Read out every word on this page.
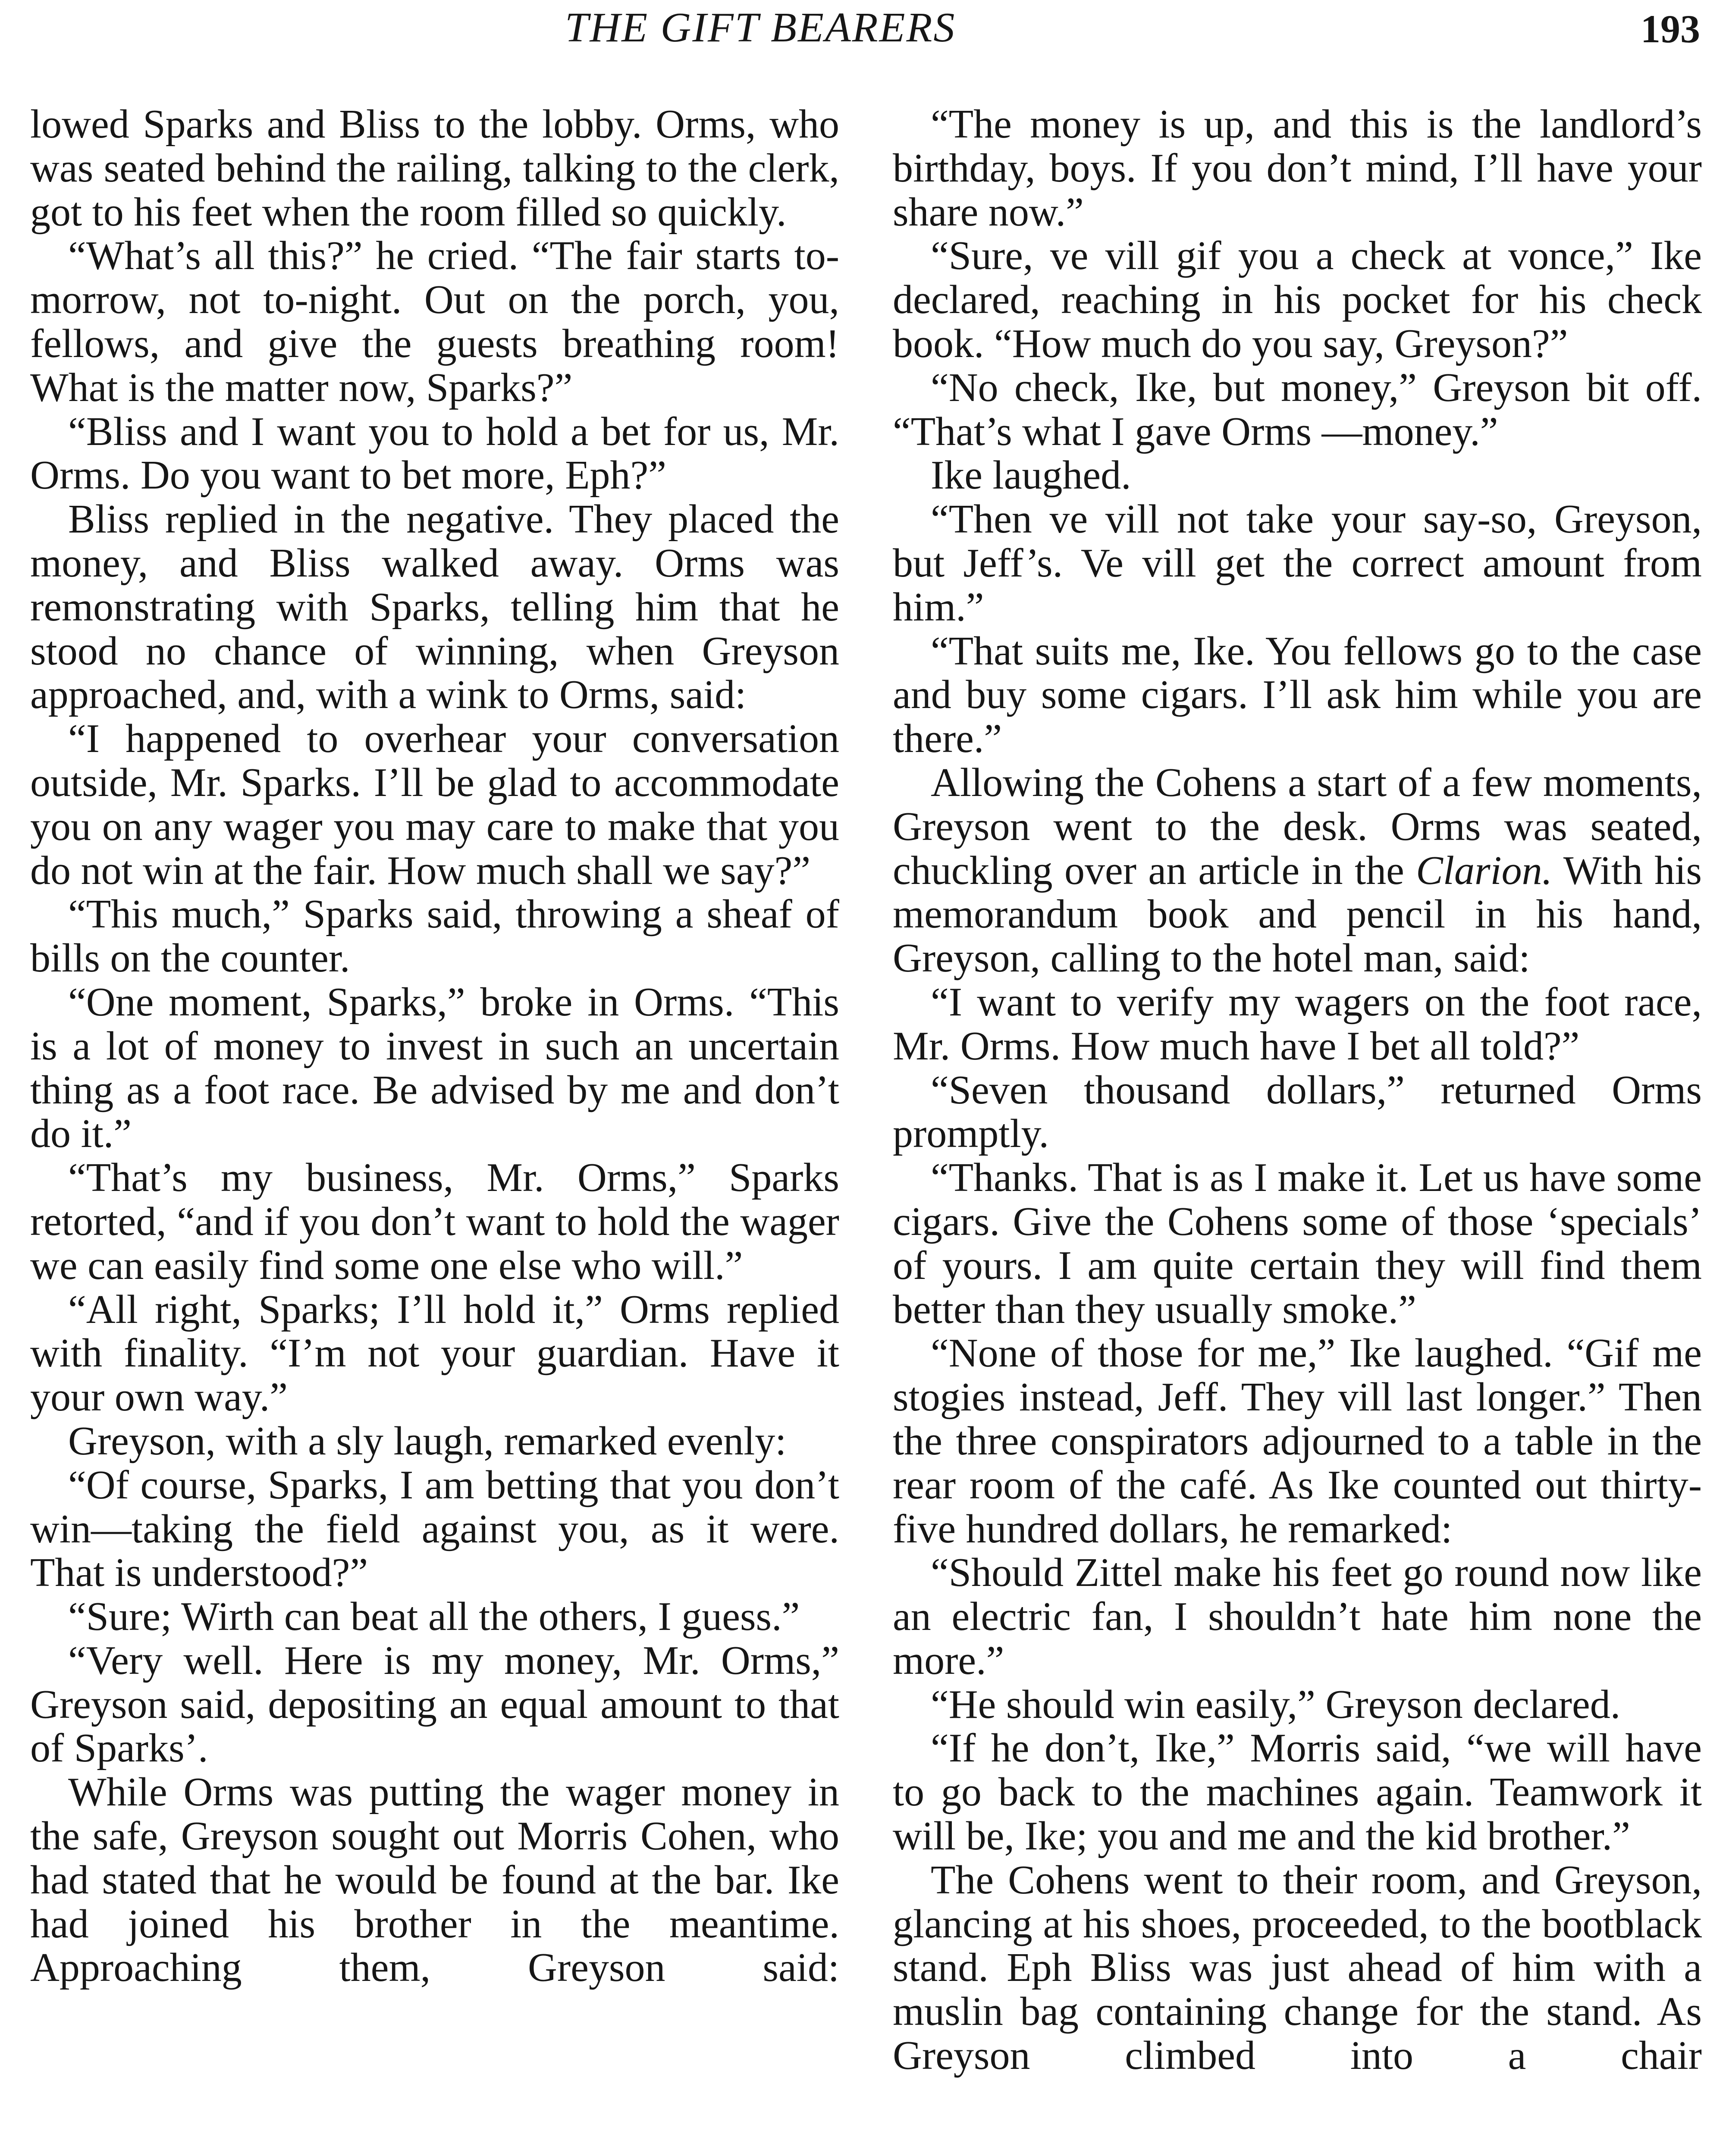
THE GIFT BEARERS	193

lowed Sparks and Bliss to the lobby. Orms, who was seated behind the railing, talking to the clerk, got to his feet when the room filled so quickly.

“What’s all this?” he cried. “The fair starts to-morrow, not to-night. Out on the porch, you, fellows, and give the guests breathing room! What is the matter now, Sparks?”

“Bliss and I want you to hold a bet for us, Mr. Orms. Do you want to bet more, Eph?”

Bliss replied in the negative. They placed the money, and Bliss walked away. Orms was remonstrating with Sparks, telling him that he stood no chance of winning, when Greyson approached, and, with a wink to Orms, said:

“I happened to overhear your conversation outside, Mr. Sparks. I’ll be glad to accommodate you on any wager you may care to make that you do not win at the fair. How much shall we say?”

“This much,” Sparks said, throwing a sheaf of bills on the counter.

“One moment, Sparks,” broke in Orms. “This is a lot of money to invest in such an uncertain thing as a foot race. Be advised by me and don’t do it.”

“That’s my business, Mr. Orms,” Sparks retorted, “and if you don’t want to hold the wager we can easily find some one else who will.”

“All right, Sparks; I’ll hold it,” Orms replied with finality. “I’m not your guardian. Have it your own way.”

Greyson, with a sly laugh, remarked evenly:

“Of course, Sparks, I am betting that you don’t win—taking the field against you, as it were. That is understood?”

“Sure; Wirth can beat all the others, I guess.”

“Very well. Here is my money, Mr. Orms,” Greyson said, depositing an equal amount to that of Sparks’.

While Orms was putting the wager money in the safe, Greyson sought out Morris Cohen, who had stated that he would be found at the bar. Ike had joined his brother in the meantime. Approaching them, Greyson said:

“The money is up, and this is the landlord’s birthday, boys. If you don’t mind, I’ll have your share now.”

“Sure, ve vill gif you a check at vonce,” Ike declared, reaching in his pocket for his check book. “How much do you say, Greyson?”

“No check, Ike, but money,” Greyson bit off. “That’s what I gave Orms —money.”

Ike laughed.

“Then ve vill not take your say-so, Greyson, but Jeff’s. Ve vill get the correct amount from him.”

“That suits me, Ike. You fellows go to the case and buy some cigars. I’ll ask him while you are there.”

Allowing the Cohens a start of a few moments, Greyson went to the desk. Orms was seated, chuckling over an article in the Clarion. With his memorandum book and pencil in his hand, Greyson, calling to the hotel man, said:

“I want to verify my wagers on the foot race, Mr. Orms. How much have I bet all told?”

“Seven thousand dollars,” returned Orms promptly.

“Thanks. That is as I make it. Let us have some cigars. Give the Cohens some of those ‘specials’ of yours. I am quite certain they will find them better than they usually smoke.”

“None of those for me,” Ike laughed. “Gif me stogies instead, Jeff. They vill last longer.” Then the three conspirators adjourned to a table in the rear room of the café. As Ike counted out thirty-five hundred dollars, he remarked:

“Should Zittel make his feet go round now like an electric fan, I shouldn’t hate him none the more.”

“He should win easily,” Greyson declared.

“If he don’t, Ike,” Morris said, “we will have to go back to the machines again. Teamwork it will be, Ike; you and me and the kid brother.”

The Cohens went to their room, and Greyson, glancing at his shoes, proceeded, to the bootblack stand. Eph Bliss was just ahead of him with a muslin bag containing change for the stand. As Greyson climbed into a chair
